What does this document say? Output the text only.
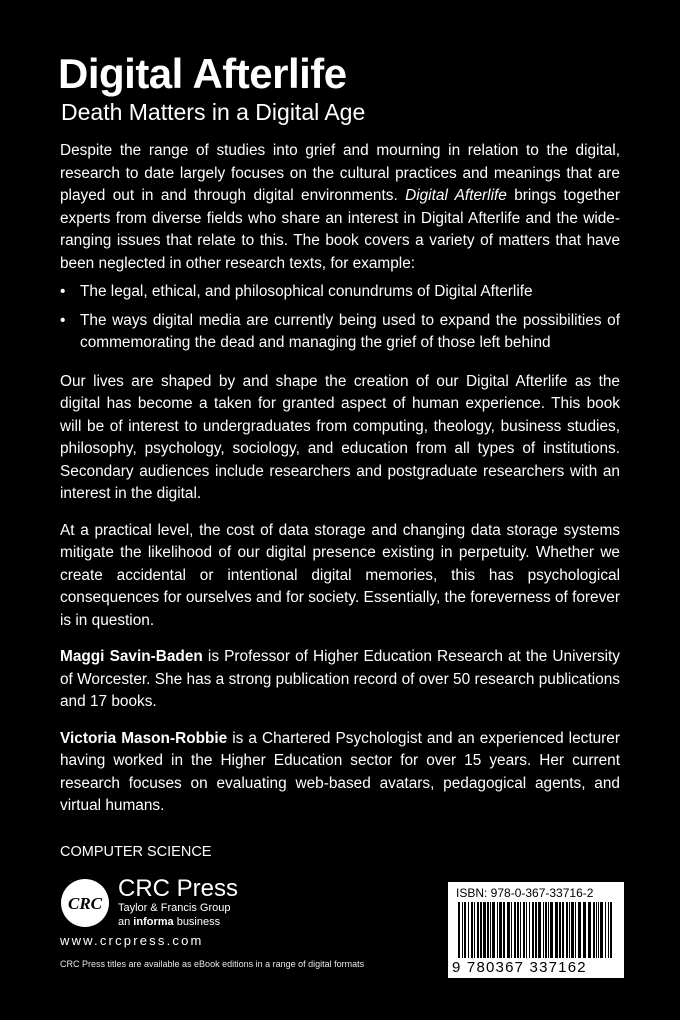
Digital Afterlife
Death Matters in a Digital Age

Despite the range of studies into grief and mourning in relation to the digital, research to date largely focuses on the cultural practices and meanings that are played out in and through digital environments. Digital Afterlife brings together experts from diverse fields who share an interest in Digital Afterlife and the wide-ranging issues that relate to this. The book covers a variety of matters that have been neglected in other research texts, for example:

• The legal, ethical, and philosophical conundrums of Digital Afterlife
• The ways digital media are currently being used to expand the possibilities of commemorating the dead and managing the grief of those left behind

Our lives are shaped by and shape the creation of our Digital Afterlife as the digital has become a taken for granted aspect of human experience. This book will be of interest to undergraduates from computing, theology, business studies, philosophy, psychology, sociology, and education from all types of institutions. Secondary audiences include researchers and postgraduate researchers with an interest in the digital.

At a practical level, the cost of data storage and changing data storage systems mitigate the likelihood of our digital presence existing in perpetuity. Whether we create accidental or intentional digital memories, this has psychological consequences for ourselves and for society. Essentially, the foreverness of forever is in question.

Maggi Savin-Baden is Professor of Higher Education Research at the University of Worcester. She has a strong publication record of over 50 research publications and 17 books.

Victoria Mason-Robbie is a Chartered Psychologist and an experienced lecturer having worked in the Higher Education sector for over 15 years. Her current research focuses on evaluating web-based avatars, pedagogical agents, and virtual humans.

COMPUTER SCIENCE
CRC
CRC Press
Taylor & Francis Group
an informa business
www.crcpress.com
CRC Press titles are available as eBook editions in a range of digital formats
ISBN: 978-0-367-33716-2
9 780367 337162
